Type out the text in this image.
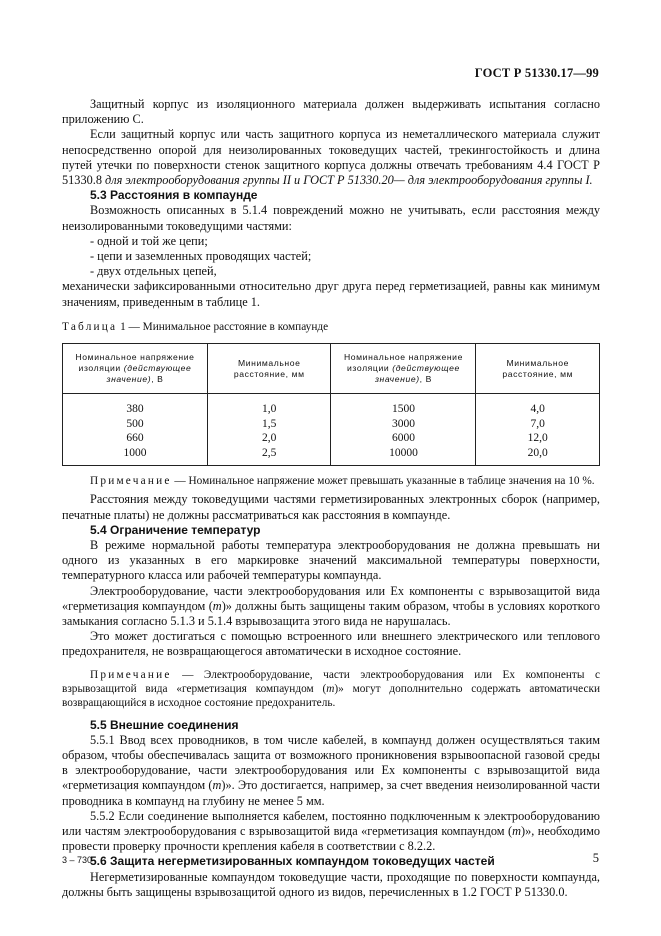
ГОСТ Р 51330.17—99

Защитный корпус из изоляционного материала должен выдерживать испытания согласно приложению С.

Если защитный корпус или часть защитного корпуса из неметаллического материала служит непосредственно опорой для неизолированных токоведущих частей, трекингостойкость и длина путей утечки по поверхности стенок защитного корпуса должны отвечать требованиям 4.4 ГОСТ Р 51330.8 для электрооборудования группы II и ГОСТ Р 51330.20— для электрооборудования группы I.

5.3 Расстояния в компаунде

Возможность описанных в 5.1.4 повреждений можно не учитывать, если расстояния между неизолированными токоведущими частями:

- одной и той же цепи;

- цепи и заземленных проводящих частей;

- двух отдельных цепей,

механически зафиксированными относительно друг друга перед герметизацией, равны как минимум значениям, приведенным в таблице 1.

Таблица 1 — Минимальное расстояние в компаунде

Номинальное напряжение изоляции (действующее значение), В	Минимальное расстояние, мм	Номинальное напряжение изоляции (действующее значение), В	Минимальное расстояние, мм
380	1,0	1500	4,0
500	1,5	3000	7,0
660	2,0	6000	12,0
1000	2,5	10000	20,0

Примечание — Номинальное напряжение может превышать указанные в таблице значения на 10 %.

Расстояния между токоведущими частями герметизированных электронных сборок (например, печатные платы) не должны рассматриваться как расстояния в компаунде.

5.4 Ограничение температур

В режиме нормальной работы температура электрооборудования не должна превышать ни одного из указанных в его маркировке значений максимальной температуры поверхности, температурного класса или рабочей температуры компаунда.

Электрооборудование, части электрооборудования или Ex компоненты с взрывозащитой вида «герметизация компаундом (m)» должны быть защищены таким образом, чтобы в условиях короткого замыкания согласно 5.1.3 и 5.1.4 взрывозащита этого вида не нарушалась.

Это может достигаться с помощью встроенного или внешнего электрического или теплового предохранителя, не возвращающегося автоматически в исходное состояние.

Примечание — Электрооборудование, части электрооборудования или Ex компоненты с взрывозащитой вида «герметизация компаундом (m)» могут дополнительно содержать автоматически возвращающийся в исходное состояние предохранитель.

5.5 Внешние соединения

5.5.1 Ввод всех проводников, в том числе кабелей, в компаунд должен осуществляться таким образом, чтобы обеспечивалась защита от возможного проникновения взрывоопасной газовой среды в электрооборудование, части электрооборудования или Ex компоненты с взрывозащитой вида «герметизация компаундом (m)». Это достигается, например, за счет введения неизолированной части проводника в компаунд на глубину не менее 5 мм.

5.5.2 Если соединение выполняется кабелем, постоянно подключенным к электрооборудованию или частям электрооборудования с взрывозащитой вида «герметизация компаундом (m)», необходимо провести проверку прочности крепления кабеля в соответствии с 8.2.2.

5.6 Защита негерметизированных компаундом токоведущих частей

Негерметизированные компаундом токоведущие части, проходящие по поверхности компаунда, должны быть защищены взрывозащитой одного из видов, перечисленных в 1.2 ГОСТ Р 51330.0.

3 – 730	5
